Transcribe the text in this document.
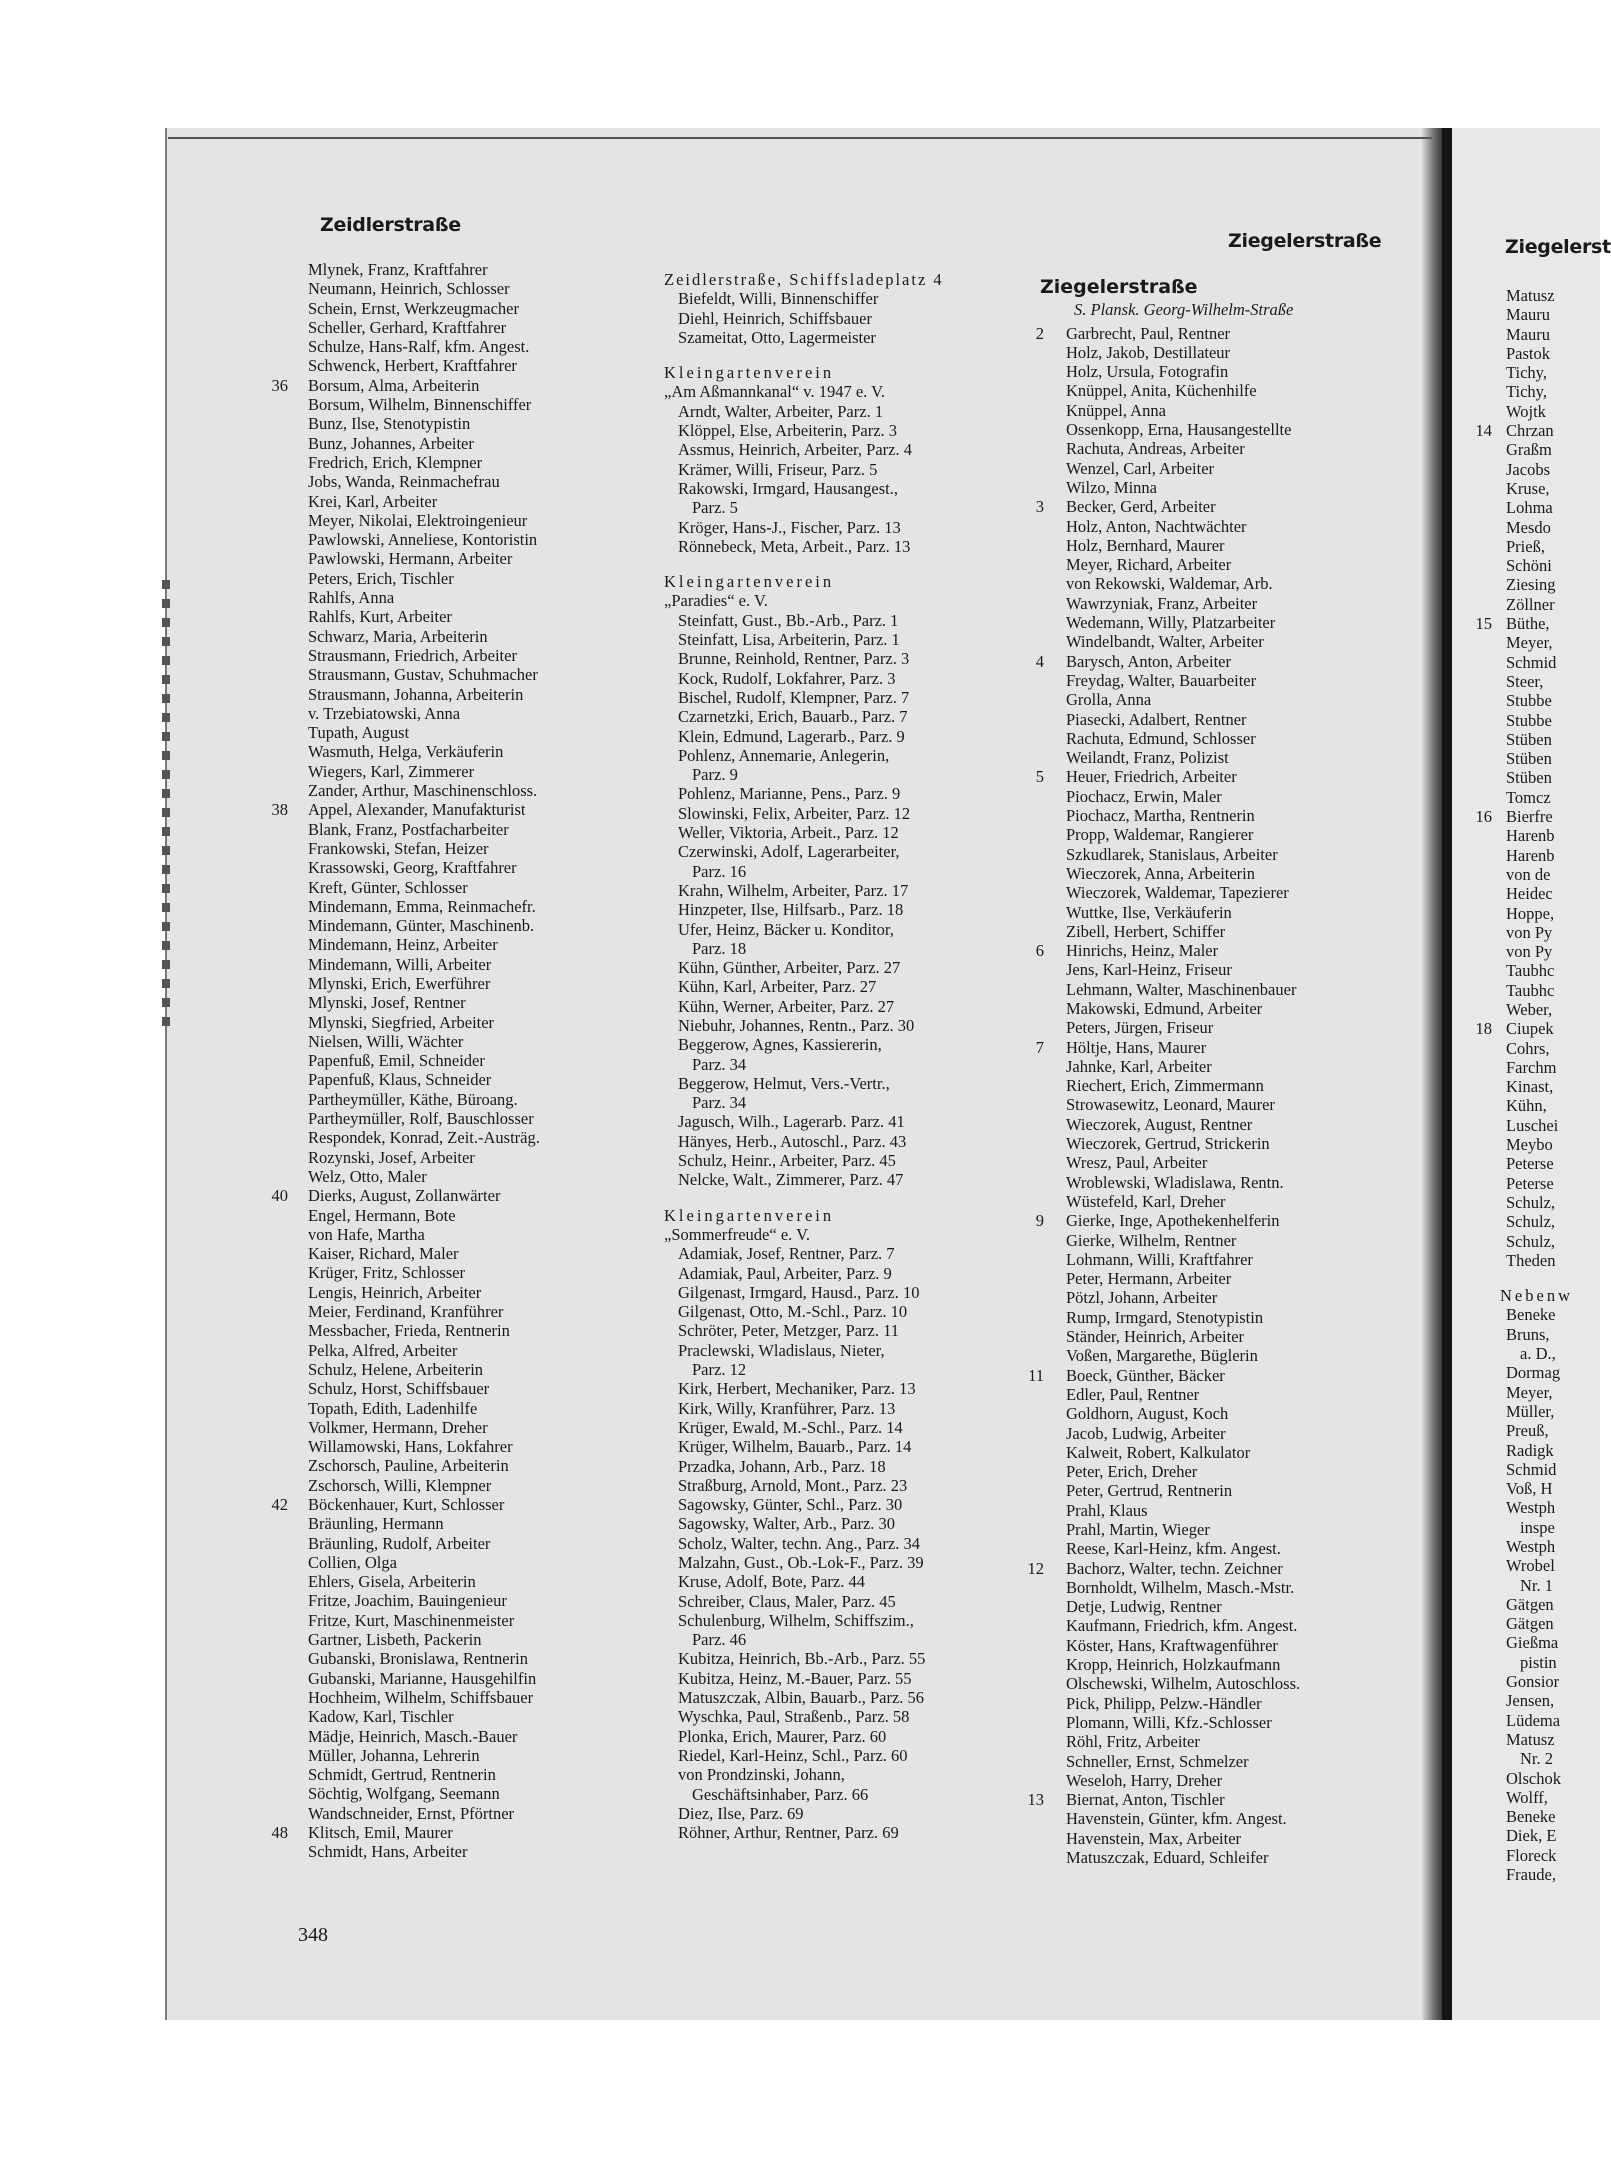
Zeidlerstraße
Ziegelerstraße	Ziegelerst
Mlynek, Franz, Kraftfahrer
Neumann, Heinrich, Schlosser
Schein, Ernst, Werkzeugmacher
Scheller, Gerhard, Kraftfahrer
Schulze, Hans-Ralf, kfm. Angest.
Schwenck, Herbert, Kraftfahrer
36 Borsum, Alma, Arbeiterin
Borsum, Wilhelm, Binnenschiffer
Bunz, Ilse, Stenotypistin
Bunz, Johannes, Arbeiter
Fredrich, Erich, Klempner
Jobs, Wanda, Reinmachefrau
Krei, Karl, Arbeiter
Meyer, Nikolai, Elektroingenieur
Pawlowski, Anneliese, Kontoristin
Pawlowski, Hermann, Arbeiter
Peters, Erich, Tischler
Rahlfs, Anna
Rahlfs, Kurt, Arbeiter
Schwarz, Maria, Arbeiterin
Strausmann, Friedrich, Arbeiter
Strausmann, Gustav, Schuhmacher
Strausmann, Johanna, Arbeiterin
v. Trzebiatowski, Anna
Tupath, August
Wasmuth, Helga, Verkäuferin
Wiegers, Karl, Zimmerer
Zander, Arthur, Maschinenschloss.
38 Appel, Alexander, Manufakturist
Blank, Franz, Postfacharbeiter
Frankowski, Stefan, Heizer
Krassowski, Georg, Kraftfahrer
Kreft, Günter, Schlosser
Mindemann, Emma, Reinmachefr.
Mindemann, Günter, Maschinenb.
Mindemann, Heinz, Arbeiter
Mindemann, Willi, Arbeiter
Mlynski, Erich, Ewerführer
Mlynski, Josef, Rentner
Mlynski, Siegfried, Arbeiter
Nielsen, Willi, Wächter
Papenfuß, Emil, Schneider
Papenfuß, Klaus, Schneider
Partheymüller, Käthe, Büroang.
Partheymüller, Rolf, Bauschlosser
Respondek, Konrad, Zeit.-Austräg.
Rozynski, Josef, Arbeiter
Welz, Otto, Maler
40 Dierks, August, Zollanwärter
Engel, Hermann, Bote
von Hafe, Martha
Kaiser, Richard, Maler
Krüger, Fritz, Schlosser
Lengis, Heinrich, Arbeiter
Meier, Ferdinand, Kranführer
Messbacher, Frieda, Rentnerin
Pelka, Alfred, Arbeiter
Schulz, Helene, Arbeiterin
Schulz, Horst, Schiffsbauer
Topath, Edith, Ladenhilfe
Volkmer, Hermann, Dreher
Willamowski, Hans, Lokfahrer
Zschorsch, Pauline, Arbeiterin
Zschorsch, Willi, Klempner
42 Böckenhauer, Kurt, Schlosser
Bräunling, Hermann
Bräunling, Rudolf, Arbeiter
Collien, Olga
Ehlers, Gisela, Arbeiterin
Fritze, Joachim, Bauingenieur
Fritze, Kurt, Maschinenmeister
Gartner, Lisbeth, Packerin
Gubanski, Bronislawa, Rentnerin
Gubanski, Marianne, Hausgehilfin
Hochheim, Wilhelm, Schiffsbauer
Kadow, Karl, Tischler
Mädje, Heinrich, Masch.-Bauer
Müller, Johanna, Lehrerin
Schmidt, Gertrud, Rentnerin
Söchtig, Wolfgang, Seemann
Wandschneider, Ernst, Pförtner
48 Klitsch, Emil, Maurer
Schmidt, Hans, Arbeiter
Zeidlerstraße, Schiffsladeplatz 4
Biefeldt, Willi, Binnenschiffer
Diehl, Heinrich, Schiffsbauer
Szameitat, Otto, Lagermeister
Kleingartenverein
„Am Aßmannkanal“ v. 1947 e. V.
Arndt, Walter, Arbeiter, Parz. 1
Klöppel, Else, Arbeiterin, Parz. 3
Assmus, Heinrich, Arbeiter, Parz. 4
Krämer, Willi, Friseur, Parz. 5
Rakowski, Irmgard, Hausangest.,
Parz. 5
Kröger, Hans-J., Fischer, Parz. 13
Rönnebeck, Meta, Arbeit., Parz. 13
Kleingartenverein
„Paradies“ e. V.
Steinfatt, Gust., Bb.-Arb., Parz. 1
Steinfatt, Lisa, Arbeiterin, Parz. 1
Brunne, Reinhold, Rentner, Parz. 3
Kock, Rudolf, Lokfahrer, Parz. 3
Bischel, Rudolf, Klempner, Parz. 7
Czarnetzki, Erich, Bauarb., Parz. 7
Klein, Edmund, Lagerarb., Parz. 9
Pohlenz, Annemarie, Anlegerin,
Parz. 9
Pohlenz, Marianne, Pens., Parz. 9
Slowinski, Felix, Arbeiter, Parz. 12
Weller, Viktoria, Arbeit., Parz. 12
Czerwinski, Adolf, Lagerarbeiter,
Parz. 16
Krahn, Wilhelm, Arbeiter, Parz. 17
Hinzpeter, Ilse, Hilfsarb., Parz. 18
Ufer, Heinz, Bäcker u. Konditor,
Parz. 18
Kühn, Günther, Arbeiter, Parz. 27
Kühn, Karl, Arbeiter, Parz. 27
Kühn, Werner, Arbeiter, Parz. 27
Niebuhr, Johannes, Rentn., Parz. 30
Beggerow, Agnes, Kassiererin,
Parz. 34
Beggerow, Helmut, Vers.-Vertr.,
Parz. 34
Jagusch, Wilh., Lagerarb. Parz. 41
Hänyes, Herb., Autoschl., Parz. 43
Schulz, Heinr., Arbeiter, Parz. 45
Nelcke, Walt., Zimmerer, Parz. 47
Kleingartenverein
„Sommerfreude“ e. V.
Adamiak, Josef, Rentner, Parz. 7
Adamiak, Paul, Arbeiter, Parz. 9
Gilgenast, Irmgard, Hausd., Parz. 10
Gilgenast, Otto, M.-Schl., Parz. 10
Schröter, Peter, Metzger, Parz. 11
Praclewski, Wladislaus, Nieter,
Parz. 12
Kirk, Herbert, Mechaniker, Parz. 13
Kirk, Willy, Kranführer, Parz. 13
Krüger, Ewald, M.-Schl., Parz. 14
Krüger, Wilhelm, Bauarb., Parz. 14
Przadka, Johann, Arb., Parz. 18
Straßburg, Arnold, Mont., Parz. 23
Sagowsky, Günter, Schl., Parz. 30
Sagowsky, Walter, Arb., Parz. 30
Scholz, Walter, techn. Ang., Parz. 34
Malzahn, Gust., Ob.-Lok-F., Parz. 39
Kruse, Adolf, Bote, Parz. 44
Schreiber, Claus, Maler, Parz. 45
Schulenburg, Wilhelm, Schiffszim.,
Parz. 46
Kubitza, Heinrich, Bb.-Arb., Parz. 55
Kubitza, Heinz, M.-Bauer, Parz. 55
Matuszczak, Albin, Bauarb., Parz. 56
Wyschka, Paul, Straßenb., Parz. 58
Plonka, Erich, Maurer, Parz. 60
Riedel, Karl-Heinz, Schl., Parz. 60
von Prondzinski, Johann,
Geschäftsinhaber, Parz. 66
Diez, Ilse, Parz. 69
Röhner, Arthur, Rentner, Parz. 69
Ziegelerstraße
S. Plansk. Georg-Wilhelm-Straße
2 Garbrecht, Paul, Rentner
Holz, Jakob, Destillateur
Holz, Ursula, Fotografin
Knüppel, Anita, Küchenhilfe
Knüppel, Anna
Ossenkopp, Erna, Hausangestellte
Rachuta, Andreas, Arbeiter
Wenzel, Carl, Arbeiter
Wilzo, Minna
3 Becker, Gerd, Arbeiter
Holz, Anton, Nachtwächter
Holz, Bernhard, Maurer
Meyer, Richard, Arbeiter
von Rekowski, Waldemar, Arb.
Wawrzyniak, Franz, Arbeiter
Wedemann, Willy, Platzarbeiter
Windelbandt, Walter, Arbeiter
4 Barysch, Anton, Arbeiter
Freydag, Walter, Bauarbeiter
Grolla, Anna
Piasecki, Adalbert, Rentner
Rachuta, Edmund, Schlosser
Weilandt, Franz, Polizist
5 Heuer, Friedrich, Arbeiter
Piochacz, Erwin, Maler
Piochacz, Martha, Rentnerin
Propp, Waldemar, Rangierer
Szkudlarek, Stanislaus, Arbeiter
Wieczorek, Anna, Arbeiterin
Wieczorek, Waldemar, Tapezierer
Wuttke, Ilse, Verkäuferin
Zibell, Herbert, Schiffer
6 Hinrichs, Heinz, Maler
Jens, Karl-Heinz, Friseur
Lehmann, Walter, Maschinenbauer
Makowski, Edmund, Arbeiter
Peters, Jürgen, Friseur
7 Höltje, Hans, Maurer
Jahnke, Karl, Arbeiter
Riechert, Erich, Zimmermann
Strowasewitz, Leonard, Maurer
Wieczorek, August, Rentner
Wieczorek, Gertrud, Strickerin
Wresz, Paul, Arbeiter
Wroblewski, Wladislawa, Rentn.
Wüstefeld, Karl, Dreher
9 Gierke, Inge, Apothekenhelferin
Gierke, Wilhelm, Rentner
Lohmann, Willi, Kraftfahrer
Peter, Hermann, Arbeiter
Pötzl, Johann, Arbeiter
Rump, Irmgard, Stenotypistin
Ständer, Heinrich, Arbeiter
Voßen, Margarethe, Büglerin
11 Boeck, Günther, Bäcker
Edler, Paul, Rentner
Goldhorn, August, Koch
Jacob, Ludwig, Arbeiter
Kalweit, Robert, Kalkulator
Peter, Erich, Dreher
Peter, Gertrud, Rentnerin
Prahl, Klaus
Prahl, Martin, Wieger
Reese, Karl-Heinz, kfm. Angest.
12 Bachorz, Walter, techn. Zeichner
Bornholdt, Wilhelm, Masch.-Mstr.
Detje, Ludwig, Rentner
Kaufmann, Friedrich, kfm. Angest.
Köster, Hans, Kraftwagenführer
Kropp, Heinrich, Holzkaufmann
Olschewski, Wilhelm, Autoschloss.
Pick, Philipp, Pelzw.-Händler
Plomann, Willi, Kfz.-Schlosser
Röhl, Fritz, Arbeiter
Schneller, Ernst, Schmelzer
Weseloh, Harry, Dreher
13 Biernat, Anton, Tischler
Havenstein, Günter, kfm. Angest.
Havenstein, Max, Arbeiter
Matuszczak, Eduard, Schleifer
Matusz
Mauru
Mauru
Pastok
Tichy,
Tichy,
Wojtk
14 Chrzan
Graßm
Jacobs
Kruse,
Lohma
Mesdo
Prieß,
Schöni
Ziesing
Zöllner
15 Büthe,
Meyer,
Schmid
Steer,
Stubbe
Stubbe
Stüben
Stüben
Stüben
Tomcz
16 Bierfre
Harenb
Harenb
von de
Heidec
Hoppe,
von Py
von Py
Taubhc
Taubhc
Weber,
18 Ciupek
Cohrs,
Farchm
Kinast,
Kühn,
Luschei
Meybo
Peterse
Peterse
Schulz,
Schulz,
Schulz,
Theden
Nebenw
Beneke
Bruns,
a. D.,
Dormag
Meyer,
Müller,
Preuß,
Radigk
Schmid
Voß, H
Westph
inspe
Westph
Wrobel
Nr. 1
Gätgen
Gätgen
Gießma
pistin
Gonsior
Jensen,
Lüdema
Matusz
Nr. 2
Olschok
Wolff,
Beneke
Diek, E
Floreck
Fraude,
348
